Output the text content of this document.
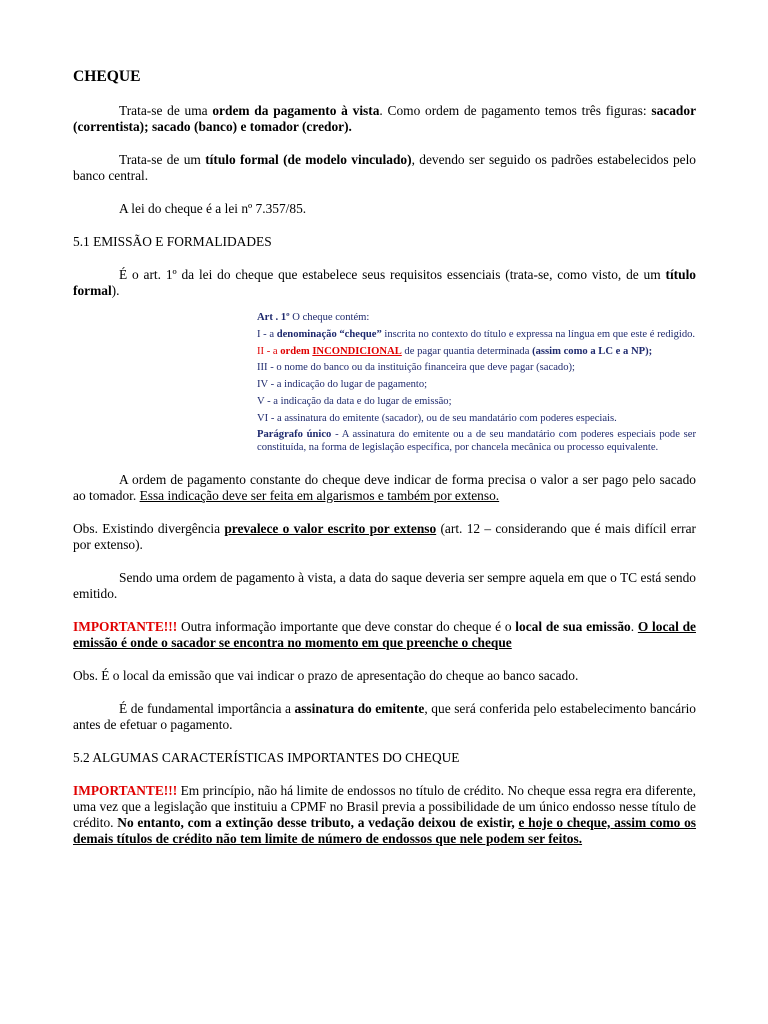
CHEQUE

Trata-se de uma ordem da pagamento à vista. Como ordem de pagamento temos três figuras: sacador (correntista); sacado (banco) e tomador (credor).

Trata-se de um título formal (de modelo vinculado), devendo ser seguido os padrões estabelecidos pelo banco central.

A lei do cheque é a lei nº 7.357/85.

5.1 EMISSÃO E FORMALIDADES

É o art. 1º da lei do cheque que estabelece seus requisitos essenciais (trata-se, como visto, de um título formal).

Art . 1º O cheque contém:
I - a denominação “cheque” inscrita no contexto do título e expressa na língua em que este é redigido.
II - a ordem INCONDICIONAL de pagar quantia determinada (assim como a LC e a NP);
III - o nome do banco ou da instituição financeira que deve pagar (sacado);
IV - a indicação do lugar de pagamento;
V - a indicação da data e do lugar de emissão;
VI - a assinatura do emitente (sacador), ou de seu mandatário com poderes especiais.
Parágrafo único - A assinatura do emitente ou a de seu mandatário com poderes especiais pode ser constituída, na forma de legislação específica, por chancela mecânica ou processo equivalente.

A ordem de pagamento constante do cheque deve indicar de forma precisa o valor a ser pago pelo sacado ao tomador. Essa indicação deve ser feita em algarismos e também por extenso.

Obs. Existindo divergência prevalece o valor escrito por extenso (art. 12 – considerando que é mais difícil errar por extenso).

Sendo uma ordem de pagamento à vista, a data do saque deveria ser sempre aquela em que o TC está sendo emitido.

IMPORTANTE!!! Outra informação importante que deve constar do cheque é o local de sua emissão. O local de emissão é onde o sacador se encontra no momento em que preenche o cheque

Obs. É o local da emissão que vai indicar o prazo de apresentação do cheque ao banco sacado.

É de fundamental importância a assinatura do emitente, que será conferida pelo estabelecimento bancário antes de efetuar o pagamento.

5.2 ALGUMAS CARACTERÍSTICAS IMPORTANTES DO CHEQUE

IMPORTANTE!!! Em princípio, não há limite de endossos no título de crédito. No cheque essa regra era diferente, uma vez que a legislação que instituiu a CPMF no Brasil previa a possibilidade de um único endosso nesse título de crédito. No entanto, com a extinção desse tributo, a vedação deixou de existir, e hoje o cheque, assim como os demais títulos de crédito não tem limite de número de endossos que nele podem ser feitos.
